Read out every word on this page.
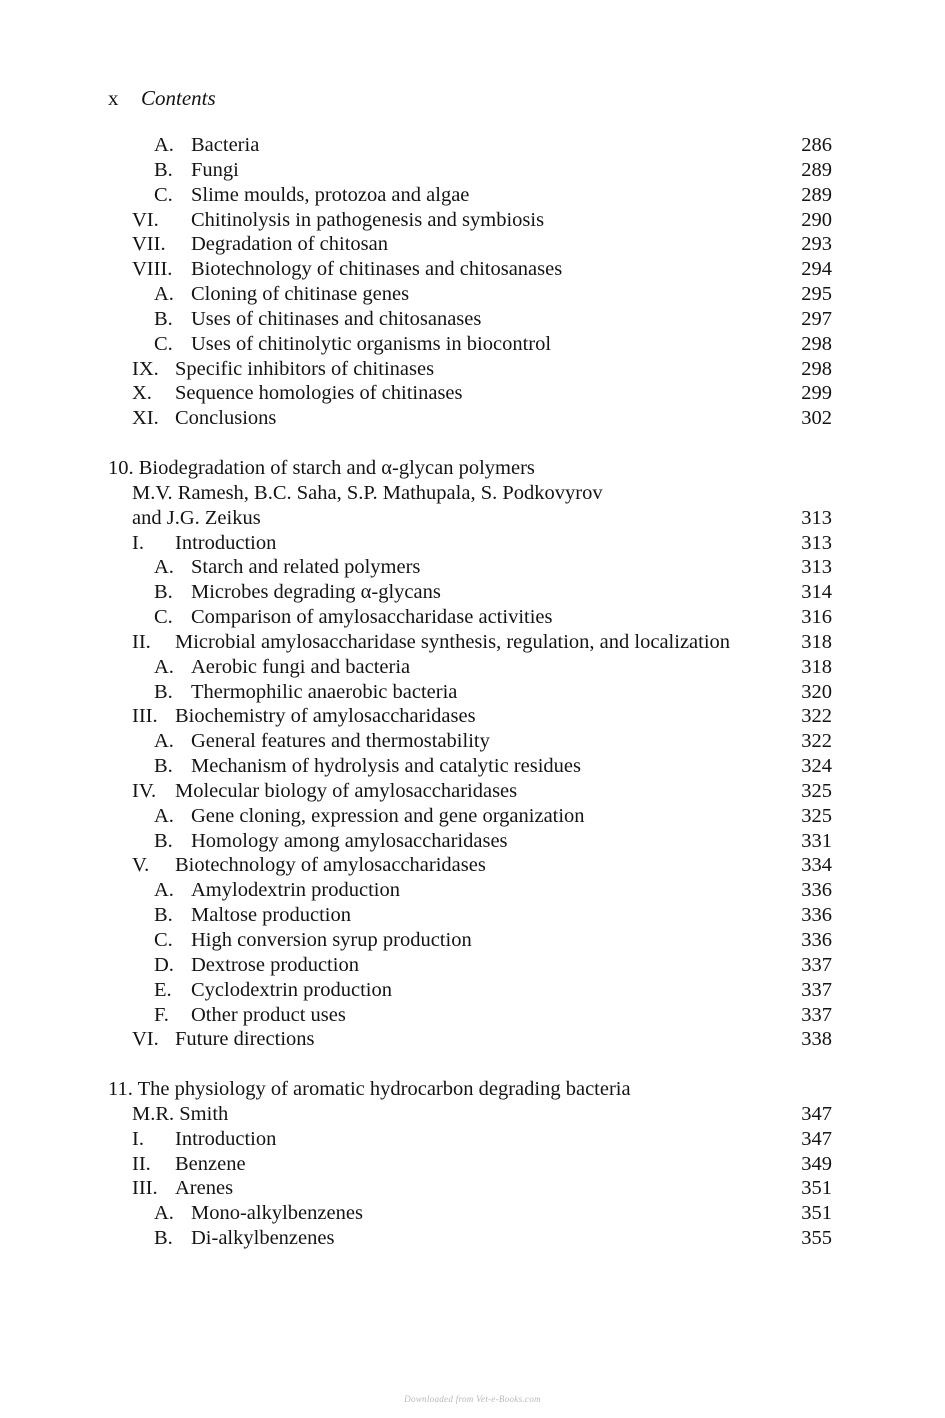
x Contents
A. Bacteria	286
B. Fungi	289
C. Slime moulds, protozoa and algae	289
VI. Chitinolysis in pathogenesis and symbiosis	290
VII. Degradation of chitosan	293
VIII. Biotechnology of chitinases and chitosanases	294
A. Cloning of chitinase genes	295
B. Uses of chitinases and chitosanases	297
C. Uses of chitinolytic organisms in biocontrol	298
IX. Specific inhibitors of chitinases	298
X. Sequence homologies of chitinases	299
XI. Conclusions	302
10. Biodegradation of starch and α-glycan polymers
M.V. Ramesh, B.C. Saha, S.P. Mathupala, S. Podkovyrov
and J.G. Zeikus	313
I. Introduction	313
A. Starch and related polymers	313
B. Microbes degrading α-glycans	314
C. Comparison of amylosaccharidase activities	316
II. Microbial amylosaccharidase synthesis, regulation, and localization	318
A. Aerobic fungi and bacteria	318
B. Thermophilic anaerobic bacteria	320
III. Biochemistry of amylosaccharidases	322
A. General features and thermostability	322
B. Mechanism of hydrolysis and catalytic residues	324
IV. Molecular biology of amylosaccharidases	325
A. Gene cloning, expression and gene organization	325
B. Homology among amylosaccharidases	331
V. Biotechnology of amylosaccharidases	334
A. Amylodextrin production	336
B. Maltose production	336
C. High conversion syrup production	336
D. Dextrose production	337
E. Cyclodextrin production	337
F. Other product uses	337
VI. Future directions	338
11. The physiology of aromatic hydrocarbon degrading bacteria
M.R. Smith	347
I. Introduction	347
II. Benzene	349
III. Arenes	351
A. Mono-alkylbenzenes	351
B. Di-alkylbenzenes	355
Downloaded from Vet-e-Books.com
